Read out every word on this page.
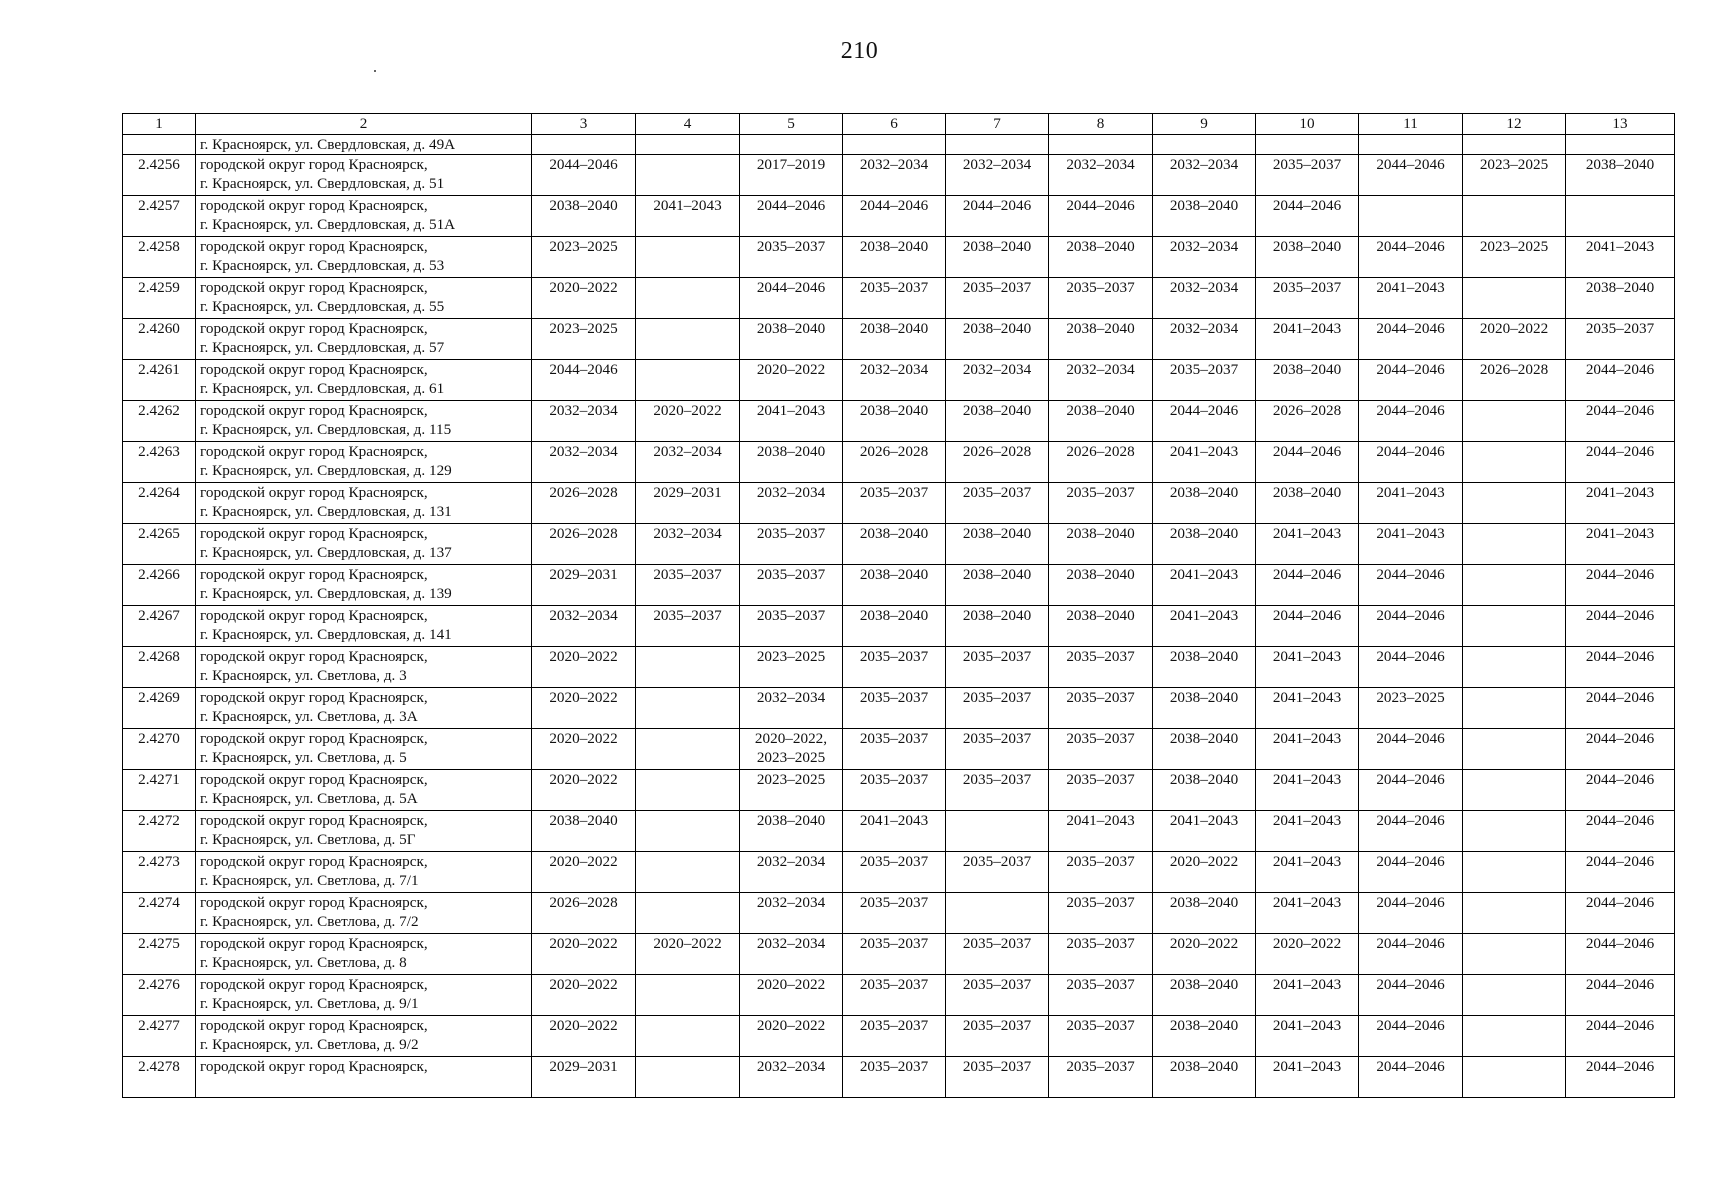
210
1	2	3	4	5	6	7	8	9	10	11	12	13

	г. Красноярск, ул. Свердловская, д. 49А											

2.4256	городской округ город Красноярск,
г. Красноярск, ул. Свердловская, д. 51	2044–2046		2017–2019	2032–2034	2032–2034	2032–2034	2032–2034	2035–2037	2044–2046	2023–2025	2038–2040

2.4257	городской округ город Красноярск,
г. Красноярск, ул. Свердловская, д. 51А	2038–2040	2041–2043	2044–2046	2044–2046	2044–2046	2044–2046	2038–2040	2044–2046			

2.4258	городской округ город Красноярск,
г. Красноярск, ул. Свердловская, д. 53	2023–2025		2035–2037	2038–2040	2038–2040	2038–2040	2032–2034	2038–2040	2044–2046	2023–2025	2041–2043

2.4259	городской округ город Красноярск,
г. Красноярск, ул. Свердловская, д. 55	2020–2022		2044–2046	2035–2037	2035–2037	2035–2037	2032–2034	2035–2037	2041–2043		2038–2040

2.4260	городской округ город Красноярск,
г. Красноярск, ул. Свердловская, д. 57	2023–2025		2038–2040	2038–2040	2038–2040	2038–2040	2032–2034	2041–2043	2044–2046	2020–2022	2035–2037

2.4261	городской округ город Красноярск,
г. Красноярск, ул. Свердловская, д. 61	2044–2046		2020–2022	2032–2034	2032–2034	2032–2034	2035–2037	2038–2040	2044–2046	2026–2028	2044–2046

2.4262	городской округ город Красноярск,
г. Красноярск, ул. Свердловская, д. 115	2032–2034	2020–2022	2041–2043	2038–2040	2038–2040	2038–2040	2044–2046	2026–2028	2044–2046		2044–2046

2.4263	городской округ город Красноярск,
г. Красноярск, ул. Свердловская, д. 129	2032–2034	2032–2034	2038–2040	2026–2028	2026–2028	2026–2028	2041–2043	2044–2046	2044–2046		2044–2046

2.4264	городской округ город Красноярск,
г. Красноярск, ул. Свердловская, д. 131	2026–2028	2029–2031	2032–2034	2035–2037	2035–2037	2035–2037	2038–2040	2038–2040	2041–2043		2041–2043

2.4265	городской округ город Красноярск,
г. Красноярск, ул. Свердловская, д. 137	2026–2028	2032–2034	2035–2037	2038–2040	2038–2040	2038–2040	2038–2040	2041–2043	2041–2043		2041–2043

2.4266	городской округ город Красноярск,
г. Красноярск, ул. Свердловская, д. 139	2029–2031	2035–2037	2035–2037	2038–2040	2038–2040	2038–2040	2041–2043	2044–2046	2044–2046		2044–2046

2.4267	городской округ город Красноярск,
г. Красноярск, ул. Свердловская, д. 141	2032–2034	2035–2037	2035–2037	2038–2040	2038–2040	2038–2040	2041–2043	2044–2046	2044–2046		2044–2046

2.4268	городской округ город Красноярск,
г. Красноярск, ул. Светлова, д. 3	2020–2022		2023–2025	2035–2037	2035–2037	2035–2037	2038–2040	2041–2043	2044–2046		2044–2046

2.4269	городской округ город Красноярск,
г. Красноярск, ул. Светлова, д. 3А	2020–2022		2032–2034	2035–2037	2035–2037	2035–2037	2038–2040	2041–2043	2023–2025		2044–2046

2.4270	городской округ город Красноярск,
г. Красноярск, ул. Светлова, д. 5	2020–2022		2020–2022,
2023–2025	2035–2037	2035–2037	2035–2037	2038–2040	2041–2043	2044–2046		2044–2046

2.4271	городской округ город Красноярск,
г. Красноярск, ул. Светлова, д. 5А	2020–2022		2023–2025	2035–2037	2035–2037	2035–2037	2038–2040	2041–2043	2044–2046		2044–2046

2.4272	городской округ город Красноярск,
г. Красноярск, ул. Светлова, д. 5Г	2038–2040		2038–2040	2041–2043		2041–2043	2041–2043	2041–2043	2044–2046		2044–2046

2.4273	городской округ город Красноярск,
г. Красноярск, ул. Светлова, д. 7/1	2020–2022		2032–2034	2035–2037	2035–2037	2035–2037	2020–2022	2041–2043	2044–2046		2044–2046

2.4274	городской округ город Красноярск,
г. Красноярск, ул. Светлова, д. 7/2	2026–2028		2032–2034	2035–2037		2035–2037	2038–2040	2041–2043	2044–2046		2044–2046

2.4275	городской округ город Красноярск,
г. Красноярск, ул. Светлова, д. 8	2020–2022	2020–2022	2032–2034	2035–2037	2035–2037	2035–2037	2020–2022	2020–2022	2044–2046		2044–2046

2.4276	городской округ город Красноярск,
г. Красноярск, ул. Светлова, д. 9/1	2020–2022		2020–2022	2035–2037	2035–2037	2035–2037	2038–2040	2041–2043	2044–2046		2044–2046

2.4277	городской округ город Красноярск,
г. Красноярск, ул. Светлова, д. 9/2	2020–2022		2020–2022	2035–2037	2035–2037	2035–2037	2038–2040	2041–2043	2044–2046		2044–2046

2.4278	городской округ город Красноярск,	2029–2031		2032–2034	2035–2037	2035–2037	2035–2037	2038–2040	2041–2043	2044–2046		2044–2046
